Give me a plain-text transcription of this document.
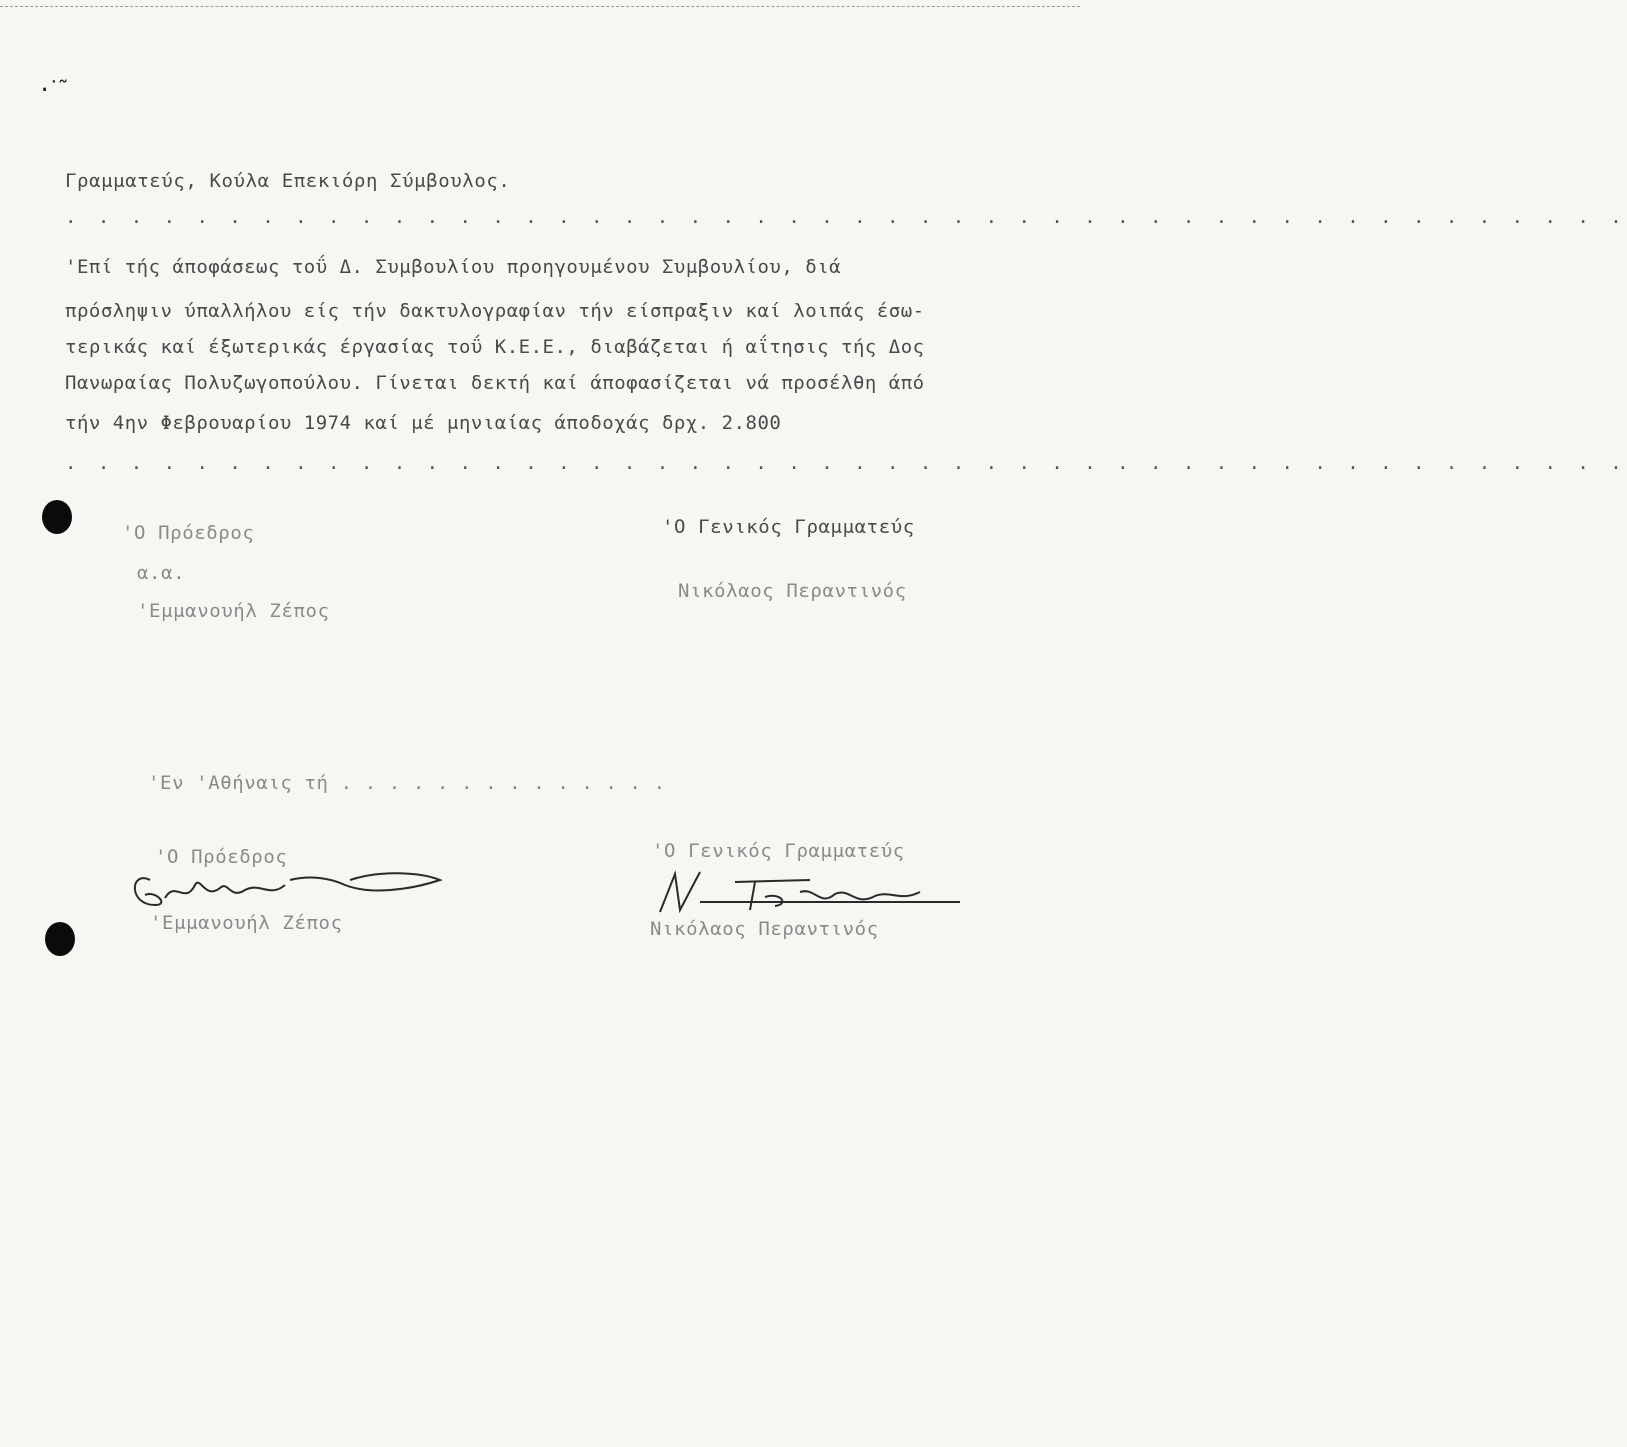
·˙˜
Γραμματεύς, Κούλα Επεκιόρη Σύμβουλος.
. . . . . . . . . . . . . . . . . . . . . . . . . . . . . . . . . . . . . . . . . . . . . . . .
'Επί τής άποφάσεως τοΰ Δ. Συμβουλίου προηγουμένου Συμβουλίου, διά
πρόσληψιν ύπαλλήλου είς τήν δακτυλογραφίαν τήν είσπραξιν καί λοιπάς έσω-
τερικάς καί έξωτερικάς έργασίας τοΰ Κ.Ε.Ε., διαβάζεται ή αΐτησις τής Δος
Πανωραίας Πολυζωγοπούλου. Γίνεται δεκτή καί άποφασίζεται νά προσέλθη άπό
τήν 4ην Φεβρουαρίου 1974 καί μέ μηνιαίας άποδοχάς δρχ. 2.800
. . . . . . . . . . . . . . . . . . . . . . . . . . . . . . . . . . . . . . . . . . . . . . . .
'Ο Πρόεδρος
α.α.
'Εμμανουήλ Ζέπος
'Ο Γενικός Γραμματεύς
Νικόλαος Περαντινός
'Εν 'Αθήναις τή . . . . . . . . . . . . . .
'Ο Πρόεδρος
'Εμμανουήλ Ζέπος
'Ο Γενικός Γραμματεύς
Νικόλαος Περαντινός
